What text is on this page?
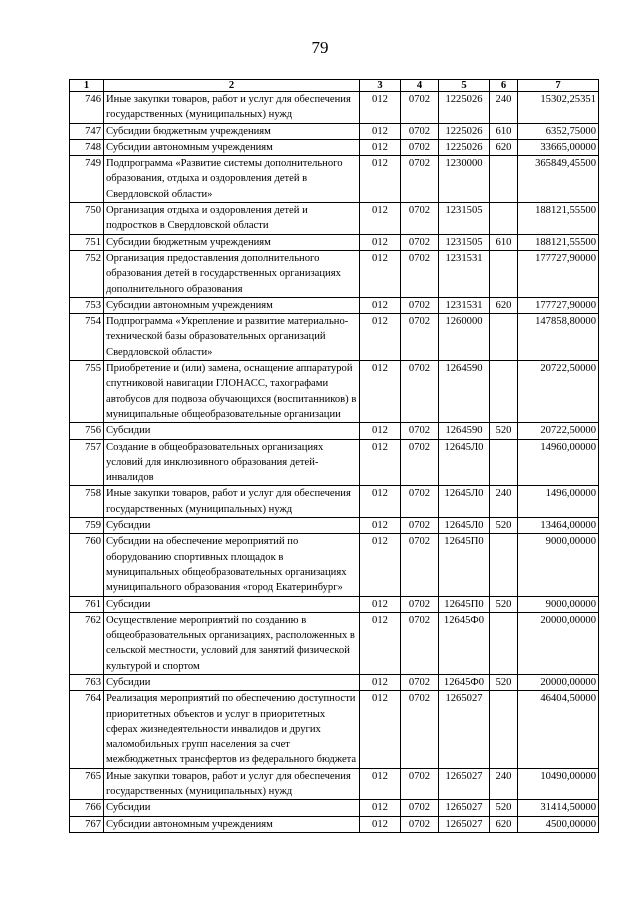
79
1	2	3	4	5	6	7
746	Иные закупки товаров, работ и услуг для обеспечения государственных (муниципальных) нужд	012	0702	1225026	240	15302,25351
747	Субсидии бюджетным учреждениям	012	0702	1225026	610	6352,75000
748	Субсидии автономным учреждениям	012	0702	1225026	620	33665,00000
749	Подпрограмма «Развитие системы дополнительного образования, отдыха и оздоровления детей в Свердловской области»	012	0702	1230000		365849,45500
750	Организация отдыха и оздоровления детей и подростков в Свердловской области	012	0702	1231505		188121,55500
751	Субсидии бюджетным учреждениям	012	0702	1231505	610	188121,55500
752	Организация предоставления дополнительного образования детей в государственных организациях дополнительного образования	012	0702	1231531		177727,90000
753	Субсидии автономным учреждениям	012	0702	1231531	620	177727,90000
754	Подпрограмма «Укрепление и развитие материально-технической базы образовательных организаций Свердловской области»	012	0702	1260000		147858,80000
755	Приобретение и (или) замена, оснащение аппаратурой спутниковой навигации ГЛОНАСС, тахографами автобусов для подвоза обучающихся (воспитанников) в муниципальные общеобразовательные организации	012	0702	1264590		20722,50000
756	Субсидии	012	0702	1264590	520	20722,50000
757	Создание в общеобразовательных организациях условий для инклюзивного образования детей-инвалидов	012	0702	12645Л0		14960,00000
758	Иные закупки товаров, работ и услуг для обеспечения государственных (муниципальных) нужд	012	0702	12645Л0	240	1496,00000
759	Субсидии	012	0702	12645Л0	520	13464,00000
760	Субсидии на обеспечение мероприятий по оборудованию спортивных площадок в муниципальных общеобразовательных организациях муниципального образования «город Екатеринбург»	012	0702	12645П0		9000,00000
761	Субсидии	012	0702	12645П0	520	9000,00000
762	Осуществление мероприятий по созданию в общеобразовательных организациях, расположенных в сельской местности, условий для занятий физической культурой и спортом	012	0702	12645Ф0		20000,00000
763	Субсидии	012	0702	12645Ф0	520	20000,00000
764	Реализация мероприятий по обеспечению доступности приоритетных объектов и услуг в приоритетных сферах жизнедеятельности инвалидов и других маломобильных групп населения за счет межбюджетных трансфертов из федерального бюджета	012	0702	1265027		46404,50000
765	Иные закупки товаров, работ и услуг для обеспечения государственных (муниципальных) нужд	012	0702	1265027	240	10490,00000
766	Субсидии	012	0702	1265027	520	31414,50000
767	Субсидии автономным учреждениям	012	0702	1265027	620	4500,00000
